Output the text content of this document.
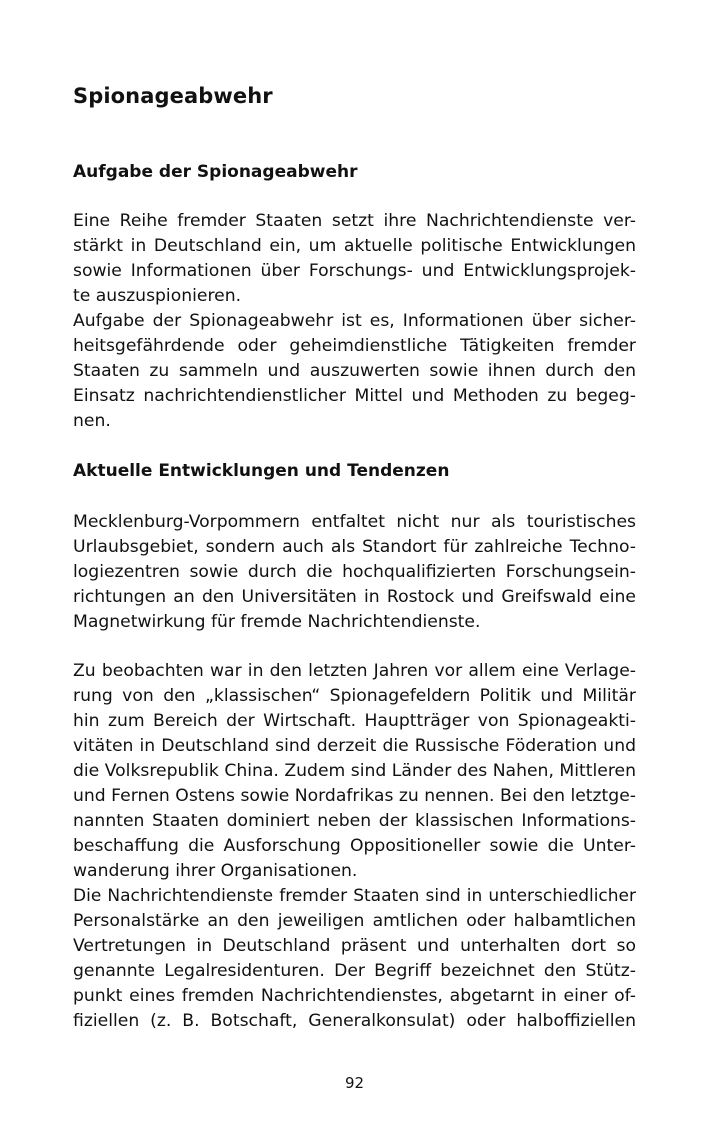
Spionageabwehr
Aufgabe der Spionageabwehr
Eine Reihe fremder Staaten setzt ihre Nachrichtendienste ver-
stärkt in Deutschland ein, um aktuelle politische Entwicklungen
sowie Informationen über Forschungs- und Entwicklungsprojek-
te auszuspionieren.
Aufgabe der Spionageabwehr ist es, Informationen über sicher-
heitsgefährdende oder geheimdienstliche Tätigkeiten fremder
Staaten zu sammeln und auszuwerten sowie ihnen durch den
Einsatz nachrichtendienstlicher Mittel und Methoden zu begeg-
nen.
Aktuelle Entwicklungen und Tendenzen
Mecklenburg-Vorpommern entfaltet nicht nur als touristisches
Urlaubsgebiet, sondern auch als Standort für zahlreiche Techno-
logiezentren sowie durch die hochqualifizierten Forschungsein-
richtungen an den Universitäten in Rostock und Greifswald eine
Magnetwirkung für fremde Nachrichtendienste.
Zu beobachten war in den letzten Jahren vor allem eine Verlage-
rung von den „klassischen“ Spionagefeldern Politik und Militär
hin zum Bereich der Wirtschaft. Hauptträger von Spionageakti-
vitäten in Deutschland sind derzeit die Russische Föderation und
die Volksrepublik China. Zudem sind Länder des Nahen, Mittleren
und Fernen Ostens sowie Nordafrikas zu nennen. Bei den letztge-
nannten Staaten dominiert neben der klassischen Informations-
beschaffung die Ausforschung Oppositioneller sowie die Unter-
wanderung ihrer Organisationen.
Die Nachrichtendienste fremder Staaten sind in unterschiedlicher
Personalstärke an den jeweiligen amtlichen oder halbamtlichen
Vertretungen in Deutschland präsent und unterhalten dort so
genannte Legalresidenturen. Der Begriff bezeichnet den Stütz-
punkt eines fremden Nachrichtendienstes, abgetarnt in einer of-
fiziellen (z. B. Botschaft, Generalkonsulat) oder halboffiziellen
92
